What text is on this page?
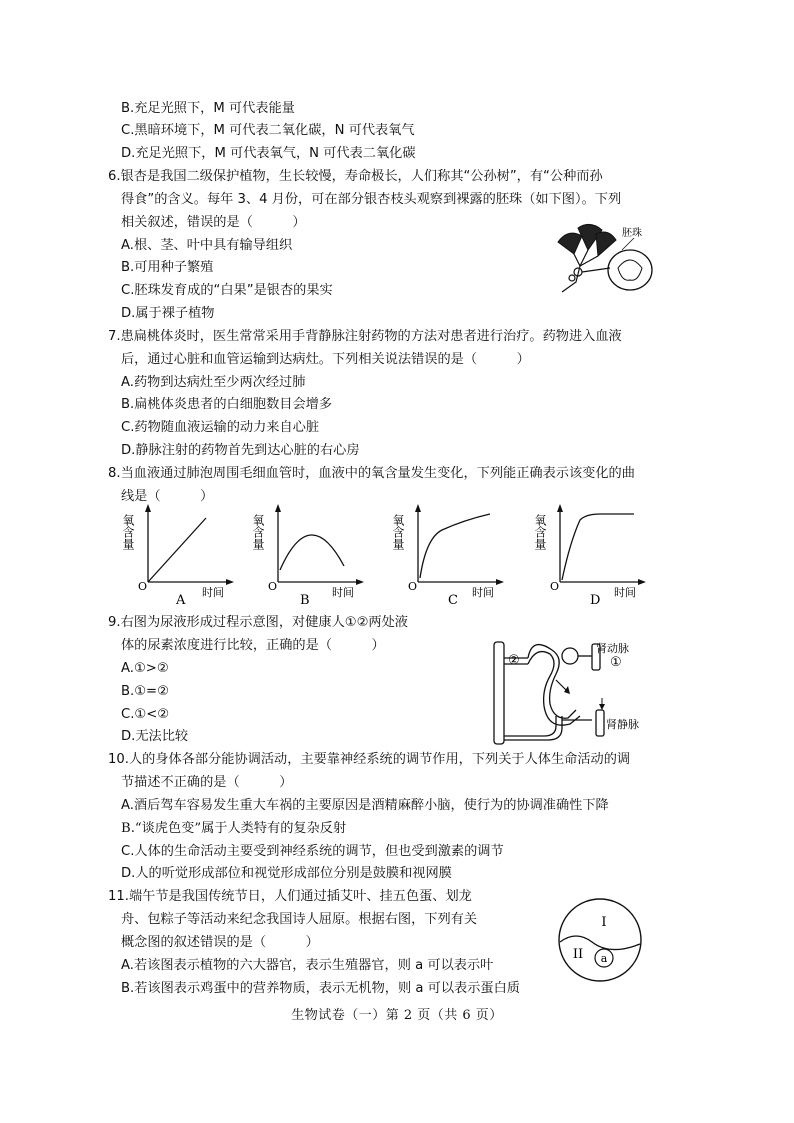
B.充足光照下，M 可代表能量
C.黑暗环境下，M 可代表二氧化碳，N 可代表氧气
D.充足光照下，M 可代表氧气，N 可代表二氧化碳
6.银杏是我国二级保护植物，生长较慢，寿命极长，人们称其“公孙树”，有“公种而孙
得食”的含义。每年 3、4 月份，可在部分银杏枝头观察到裸露的胚珠（如下图）。下列
相关叙述，错误的是（　　　）
A.根、茎、叶中具有输导组织
B.可用种子繁殖
C.胚珠发育成的“白果”是银杏的果实
D.属于裸子植物
7.患扁桃体炎时，医生常常采用手背静脉注射药物的方法对患者进行治疗。药物进入血液
后，通过心脏和血管运输到达病灶。下列相关说法错误的是（　　　）
A.药物到达病灶至少两次经过肺
B.扁桃体炎患者的白细胞数目会增多
C.药物随血液运输的动力来自心脏
D.静脉注射的药物首先到达心脏的右心房
8.当血液通过肺泡周围毛细血管时，血液中的氧含量发生变化，下列能正确表示该变化的曲
线是（　　　）
9.右图为尿液形成过程示意图，对健康人①②两处液
体的尿素浓度进行比较，正确的是（　　　）
A.①>②
B.①=②
C.①<②
D.无法比较
10.人的身体各部分能协调活动，主要靠神经系统的调节作用，下列关于人体生命活动的调
节描述不正确的是（　　　）
A.酒后驾车容易发生重大车祸的主要原因是酒精麻醉小脑，使行为的协调准确性下降
B.“谈虎色变”属于人类特有的复杂反射
C.人体的生命活动主要受到神经系统的调节，但也受到激素的调节
D.人的听觉形成部位和视觉形成部位分别是鼓膜和视网膜
11.端午节是我国传统节日，人们通过插艾叶、挂五色蛋、划龙
舟、包粽子等活动来纪念我国诗人屈原。根据右图，下列有关
概念图的叙述错误的是（　　　）
A.若该图表示植物的六大器官，表示生殖器官，则 a 可以表示叶
B.若该图表示鸡蛋中的营养物质，表示无机物，则 a 可以表示蛋白质
胚珠
氧含量
O	时间
A
氧含量
O	时间
B
氧含量
O	时间
C
氧含量
O	时间
D
②	①
肾动脉
肾静脉
I
II a
生物试卷（一）第 2 页（共 6 页）
